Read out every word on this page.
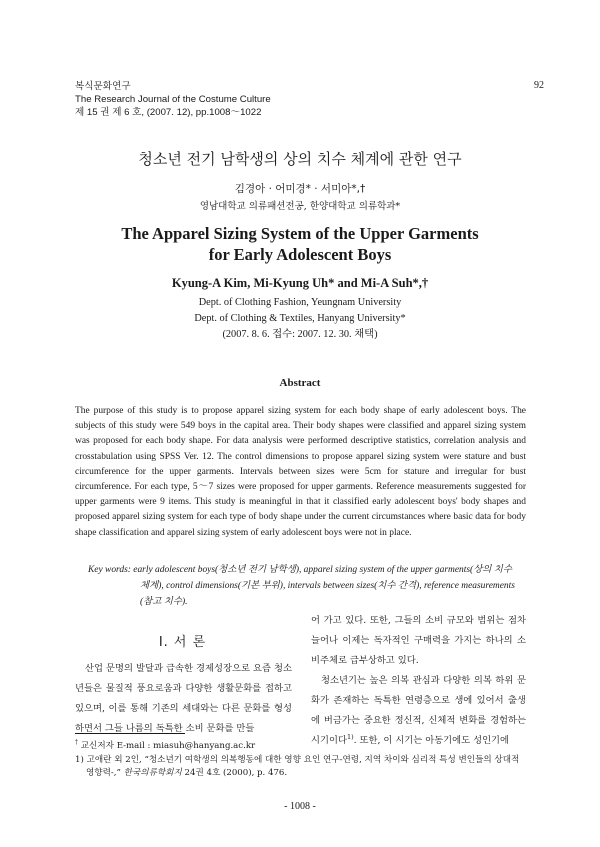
복식문화연구
The Research Journal of the Costume Culture
제 15 권 제 6 호, (2007. 12), pp.1008～1022
92
청소년 전기 남학생의 상의 치수 체계에 관한 연구
김경아 · 어미경* · 서미아*,†
영남대학교 의류패션전공, 한양대학교 의류학과*
The Apparel Sizing System of the Upper Garments
for Early Adolescent Boys
Kyung-A Kim, Mi-Kyung Uh* and Mi-A Suh*,†
Dept. of Clothing Fashion, Yeungnam University
Dept. of Clothing & Textiles, Hanyang University*
(2007. 8. 6. 접수: 2007. 12. 30. 채택)
Abstract
The purpose of this study is to propose apparel sizing system for each body shape of early adolescent boys. The subjects of this study were 549 boys in the capital area. Their body shapes were classified and apparel sizing system was proposed for each body shape. For data analysis were performed descriptive statistics, correlation analysis and crosstabulation using SPSS Ver. 12. The control dimensions to propose apparel sizing system were stature and bust circumference for the upper garments. Intervals between sizes were 5cm for stature and irregular for bust circumference. For each type, 5～7 sizes were proposed for upper garments. Reference measurements suggested for upper garments were 9 items. This study is meaningful in that it classified early adolescent boys' body shapes and proposed apparel sizing system for each type of body shape under the current circumstances where basic data for body shape classification and apparel sizing system of early adolescent boys were not in place.
Key words: early adolescent boys(청소년 전기 남학생), apparel sizing system of the upper garments(상의 치수
체계), control dimensions(기본 부위), intervals between sizes(치수 간격), reference measurements
(참고 치수).
I. 서 론

산업 문명의 발달과 급속한 경제성장으로 요즘 청소년들은 물질적 풍요로움과 다양한 생활문화를 접하고 있으며, 이를 통해 기존의 세대와는 다른 문화를 형성하면서 그들 나름의 독특한 소비 문화를 만들

어 가고 있다. 또한, 그들의 소비 규모와 범위는 점차 늘어나 이제는 독자적인 구매력을 가지는 하나의 소비주체로 급부상하고 있다.

청소년기는 높은 의복 관심과 다양한 의복 하위 문화가 존재하는 독특한 연령층으로 생에 있어서 출생에 버금가는 중요한 정신적, 신체적 변화를 경험하는 시기이다$^{1)}$. 또한, 이 시기는 아동기에도 성인기에

† 교신저자 E-mail : miasuh@hanyang.ac.kr
1) 고애란 외 2인, “청소년기 여학생의 의복행동에 대한 영향 요인 연구-연령, 지역 차이와 심리적 특성 변인들의 상대적 영향력-,” 한국의류학회지 24권 4호 (2000), p. 476.
- 1008 -
